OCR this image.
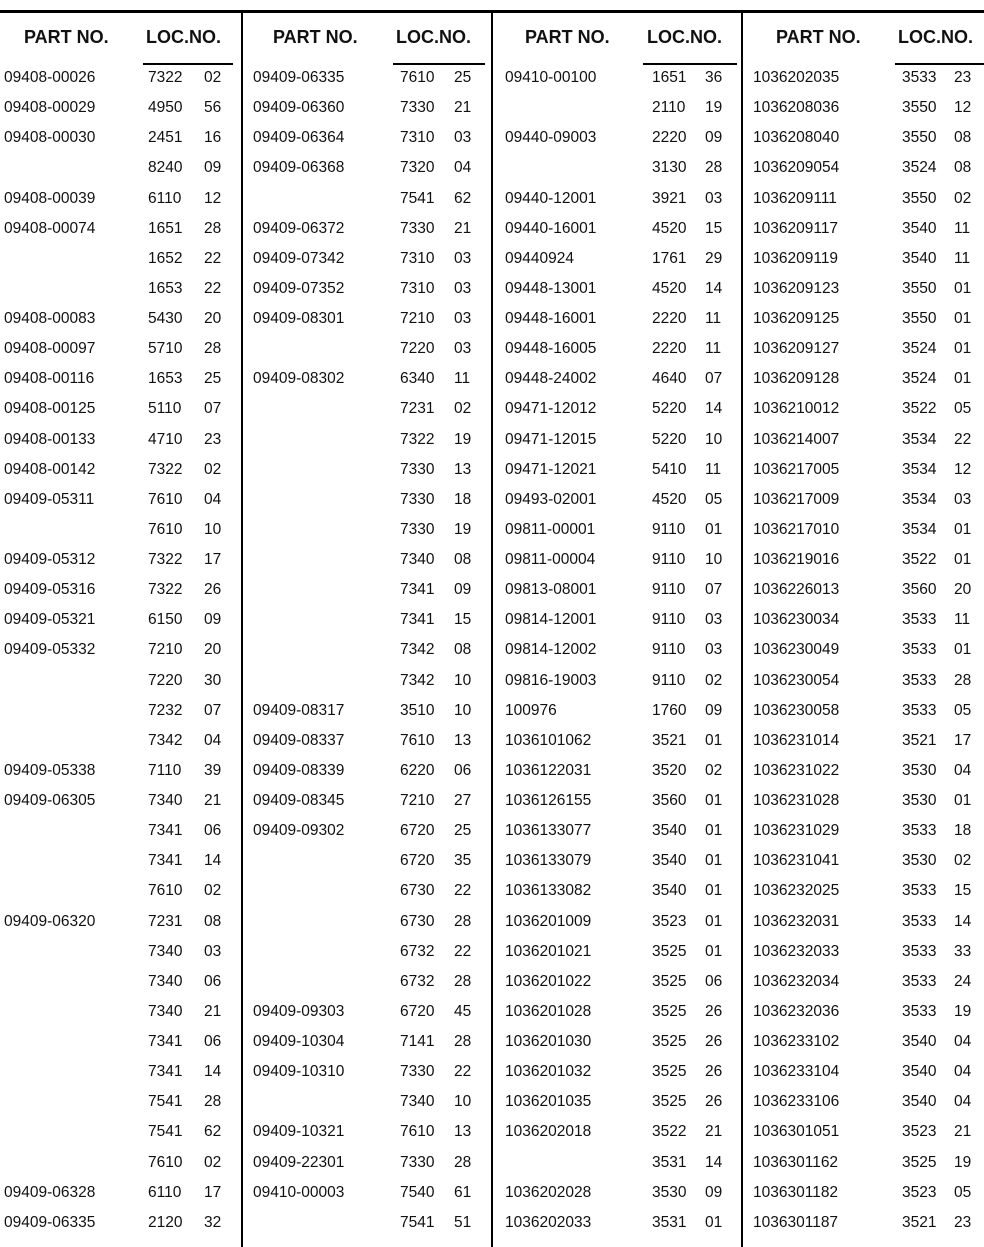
PART NO. LOC.NO.
09408-00026	7322 02
09408-00029	4950 56
09408-00030	2451 16
8240 09
09408-00039	6110 12
09408-00074	1651 28
1652 22
1653 22
09408-00083	5430 20
09408-00097	5710 28
09408-00116	1653 25
09408-00125	5110 07
09408-00133	4710 23
09408-00142	7322 02
09409-05311	7610 04
7610 10
09409-05312	7322 17
09409-05316	7322 26
09409-05321	6150 09
09409-05332	7210 20
7220 30
7232 07
7342 04
09409-05338	7110 39
09409-06305	7340 21
7341 06
7341 14
7610 02
09409-06320	7231 08
7340 03
7340 06
7340 21
7341 06
7341 14
7541 28
7541 62
7610 02
09409-06328	6110 17
09409-06335	2120 32
PART NO. LOC.NO.
09409-06335	7610 25
09409-06360	7330 21
09409-06364	7310 03
09409-06368	7320 04
7541 62
09409-06372	7330 21
09409-07342	7310 03
09409-07352	7310 03
09409-08301	7210 03
7220 03
09409-08302	6340 11
7231 02
7322 19
7330 13
7330 18
7330 19
7340 08
7341 09
7341 15
7342 08
7342 10
09409-08317	3510 10
09409-08337	7610 13
09409-08339	6220 06
09409-08345	7210 27
09409-09302	6720 25
6720 35
6730 22
6730 28
6732 22
6732 28
09409-09303	6720 45
09409-10304	7141 28
09409-10310	7330 22
7340 10
09409-10321	7610 13
09409-22301	7330 28
09410-00003	7540 61
7541 51
PART NO. LOC.NO.
09410-00100	1651 36
2110 19
09440-09003	2220 09
3130 28
09440-12001	3921 03
09440-16001	4520 15
09440924	1761 29
09448-13001	4520 14
09448-16001	2220 11
09448-16005	2220 11
09448-24002	4640 07
09471-12012	5220 14
09471-12015	5220 10
09471-12021	5410 11
09493-02001	4520 05
09811-00001	9110 01
09811-00004	9110 10
09813-08001	9110 07
09814-12001	9110 03
09814-12002	9110 03
09816-19003	9110 02
100976	1760 09
1036101062	3521 01
1036122031	3520 02
1036126155	3560 01
1036133077	3540 01
1036133079	3540 01
1036133082	3540 01
1036201009	3523 01
1036201021	3525 01
1036201022	3525 06
1036201028	3525 26
1036201030	3525 26
1036201032	3525 26
1036201035	3525 26
1036202018	3522 21
3531 14
1036202028	3530 09
1036202033	3531 01
PART NO. LOC.NO.
1036202035	3533 23
1036208036	3550 12
1036208040	3550 08
1036209054	3524 08
1036209111	3550 02
1036209117	3540 11
1036209119	3540 11
1036209123	3550 01
1036209125	3550 01
1036209127	3524 01
1036209128	3524 01
1036210012	3522 05
1036214007	3534 22
1036217005	3534 12
1036217009	3534 03
1036217010	3534 01
1036219016	3522 01
1036226013	3560 20
1036230034	3533 11
1036230049	3533 01
1036230054	3533 28
1036230058	3533 05
1036231014	3521 17
1036231022	3530 04
1036231028	3530 01
1036231029	3533 18
1036231041	3530 02
1036232025	3533 15
1036232031	3533 14
1036232033	3533 33
1036232034	3533 24
1036232036	3533 19
1036233102	3540 04
1036233104	3540 04
1036233106	3540 04
1036301051	3523 21
1036301162	3525 19
1036301182	3523 05
1036301187	3521 23
